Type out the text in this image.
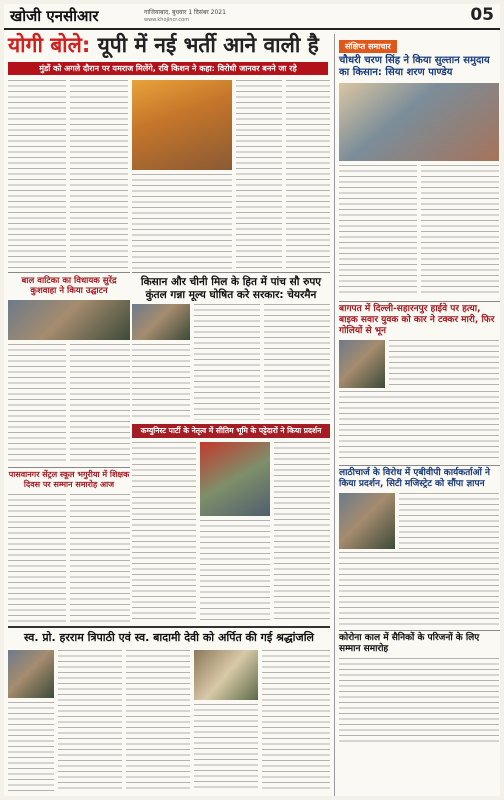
खोजी एनसीआर	गाजियाबाद, बुधवार 1 दिसंबर 2021
www.khojincr.com	05
योगी बोले: यूपी में नई भर्ती आने वाली है
मुंडों को अगले दौरान पर यमराज मिलेंगे, रवि किशन ने कहा: विरोधी जानवर बनने जा रहे
बाल वाटिका का विधायक सुरेंद्र कुशवाहा ने किया उद्घाटन
पासवानगर सेंट्रल स्कूल भगुरीया में शिक्षक दिवस पर सम्मान समारोह आज
किसान और चीनी मिल के हित में पांच सौ रुपए कुंतल गन्ना मूल्य घोषित करे सरकार: चेयरमैन
कम्युनिस्ट पार्टी के नेतृत्व में सीतिम भूमि के पट्टेदारों ने किया प्रदर्शन
स्व. प्रो. हरराम त्रिपाठी एवं स्व. बादामी देवी को अर्पित की गई श्रद्धांजलि
संक्षिप्त समाचार
चौधरी चरण सिंह ने किया सुल्तान समुदाय का किसान: सिया शरण पाण्डेय
बागपत में दिल्ली-सहारनपुर हाईवे पर हत्या, बाइक सवार युवक को कार ने टक्कर मारी, फिर गोलियों से भून
लाठीचार्ज के विरोध में एबीवीपी कार्यकर्ताओं ने किया प्रदर्शन, सिटी मजिस्ट्रेट को सौंपा ज्ञापन
कोरोना काल में सैनिकों के परिजनों के लिए सम्मान समारोह
